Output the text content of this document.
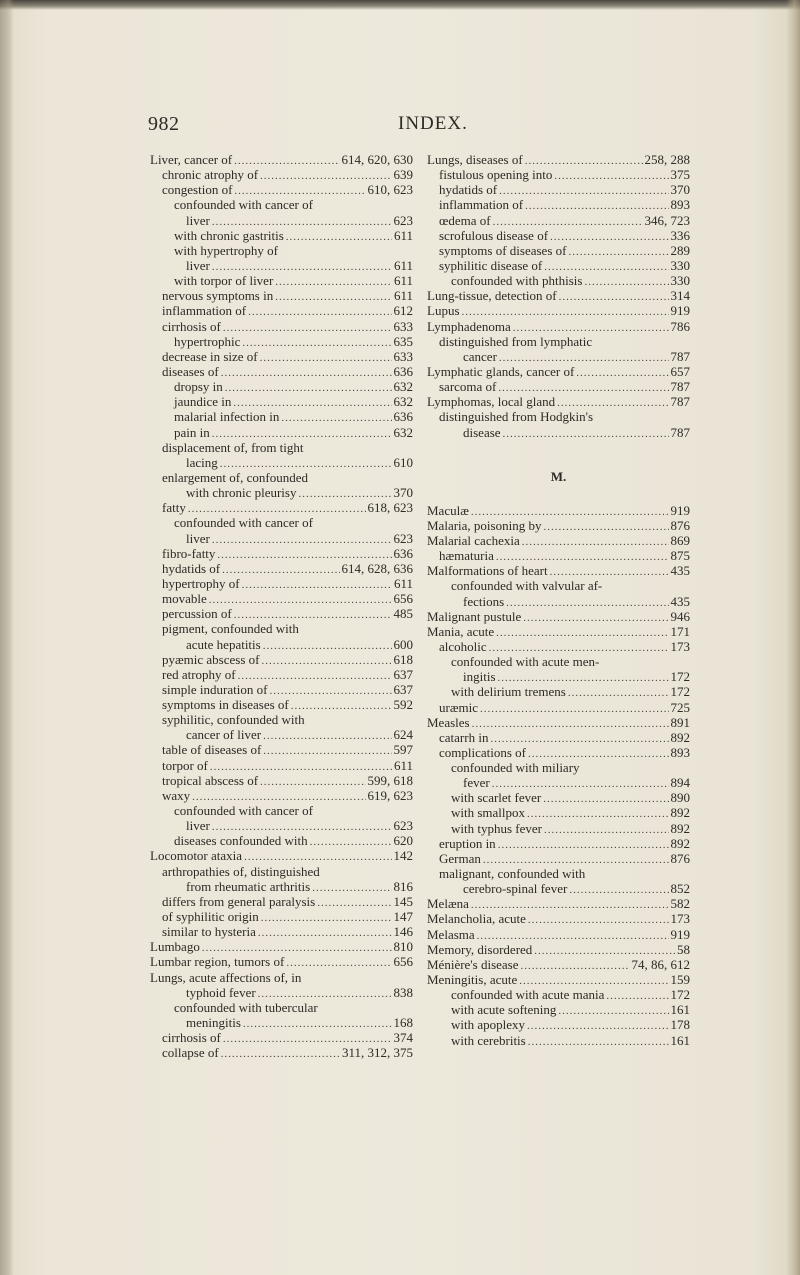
982	INDEX.
Liver, cancer of .....	614, 620, 630
chronic atrophy of .....	639
congestion of .....	610, 623
confounded with cancer of
liver .....	623
with chronic gastritis .....	611
with hypertrophy of
liver .....	611
with torpor of liver .....	611
nervous symptoms in .....	611
inflammation of .....	612
cirrhosis of .....	633
hypertrophic .....	635
decrease in size of .....	633
diseases of .....	636
dropsy in .....	632
jaundice in .....	632
malarial infection in .....	636
pain in .....	632
displacement of, from tight
lacing .....	610
enlargement of, confounded
with chronic pleurisy .....	370
fatty .....	618, 623
confounded with cancer of
liver .....	623
fibro-fatty .....	636
hydatids of .....	614, 628, 636
hypertrophy of .....	611
movable .....	656
percussion of .....	485
pigment, confounded with
acute hepatitis .....	600
pyæmic abscess of .....	618
red atrophy of .....	637
simple induration of .....	637
symptoms in diseases of .....	592
syphilitic, confounded with
cancer of liver .....	624
table of diseases of .....	597
torpor of .....	611
tropical abscess of .....	599, 618
waxy .....	619, 623
confounded with cancer of
liver .....	623
diseases confounded with .....	620
Locomotor ataxia .....	142
arthropathies of, distinguished
from rheumatic arthritis .....	816
differs from general paralysis .....	145
of syphilitic origin .....	147
similar to hysteria .....	146
Lumbago .....	810
Lumbar region, tumors of .....	656
Lungs, acute affections of, in
typhoid fever .....	838
confounded with tubercular
meningitis .....	168
cirrhosis of .....	374
collapse of .....	311, 312, 375
Lungs, diseases of .....	258, 288
fistulous opening into .....	375
hydatids of .....	370
inflammation of .....	893
œdema of .....	346, 723
scrofulous disease of .....	336
symptoms of diseases of .....	289
syphilitic disease of .....	330
confounded with phthisis .....	330
Lung-tissue, detection of .....	314
Lupus .....	919
Lymphadenoma .....	786
distinguished from lymphatic
cancer .....	787
Lymphatic glands, cancer of .....	657
sarcoma of .....	787
Lymphomas, local gland .....	787
distinguished from Hodgkin's
disease .....	787
M.
Maculæ .....	919
Malaria, poisoning by .....	876
Malarial cachexia .....	869
hæmaturia .....	875
Malformations of heart .....	435
confounded with valvular af-
fections .....	435
Malignant pustule .....	946
Mania, acute .....	171
alcoholic .....	173
confounded with acute men-
ingitis .....	172
with delirium tremens .....	172
uræmic .....	725
Measles .....	891
catarrh in .....	892
complications of .....	893
confounded with miliary
fever .....	894
with scarlet fever .....	890
with smallpox .....	892
with typhus fever .....	892
eruption in .....	892
German .....	876
malignant, confounded with
cerebro-spinal fever .....	852
Melæna .....	582
Melancholia, acute .....	173
Melasma .....	919
Memory, disordered .....	58
Ménière's disease .....	74, 86, 612
Meningitis, acute .....	159
confounded with acute mania .....	172
with acute softening .....	161
with apoplexy .....	178
with cerebritis .....	161
